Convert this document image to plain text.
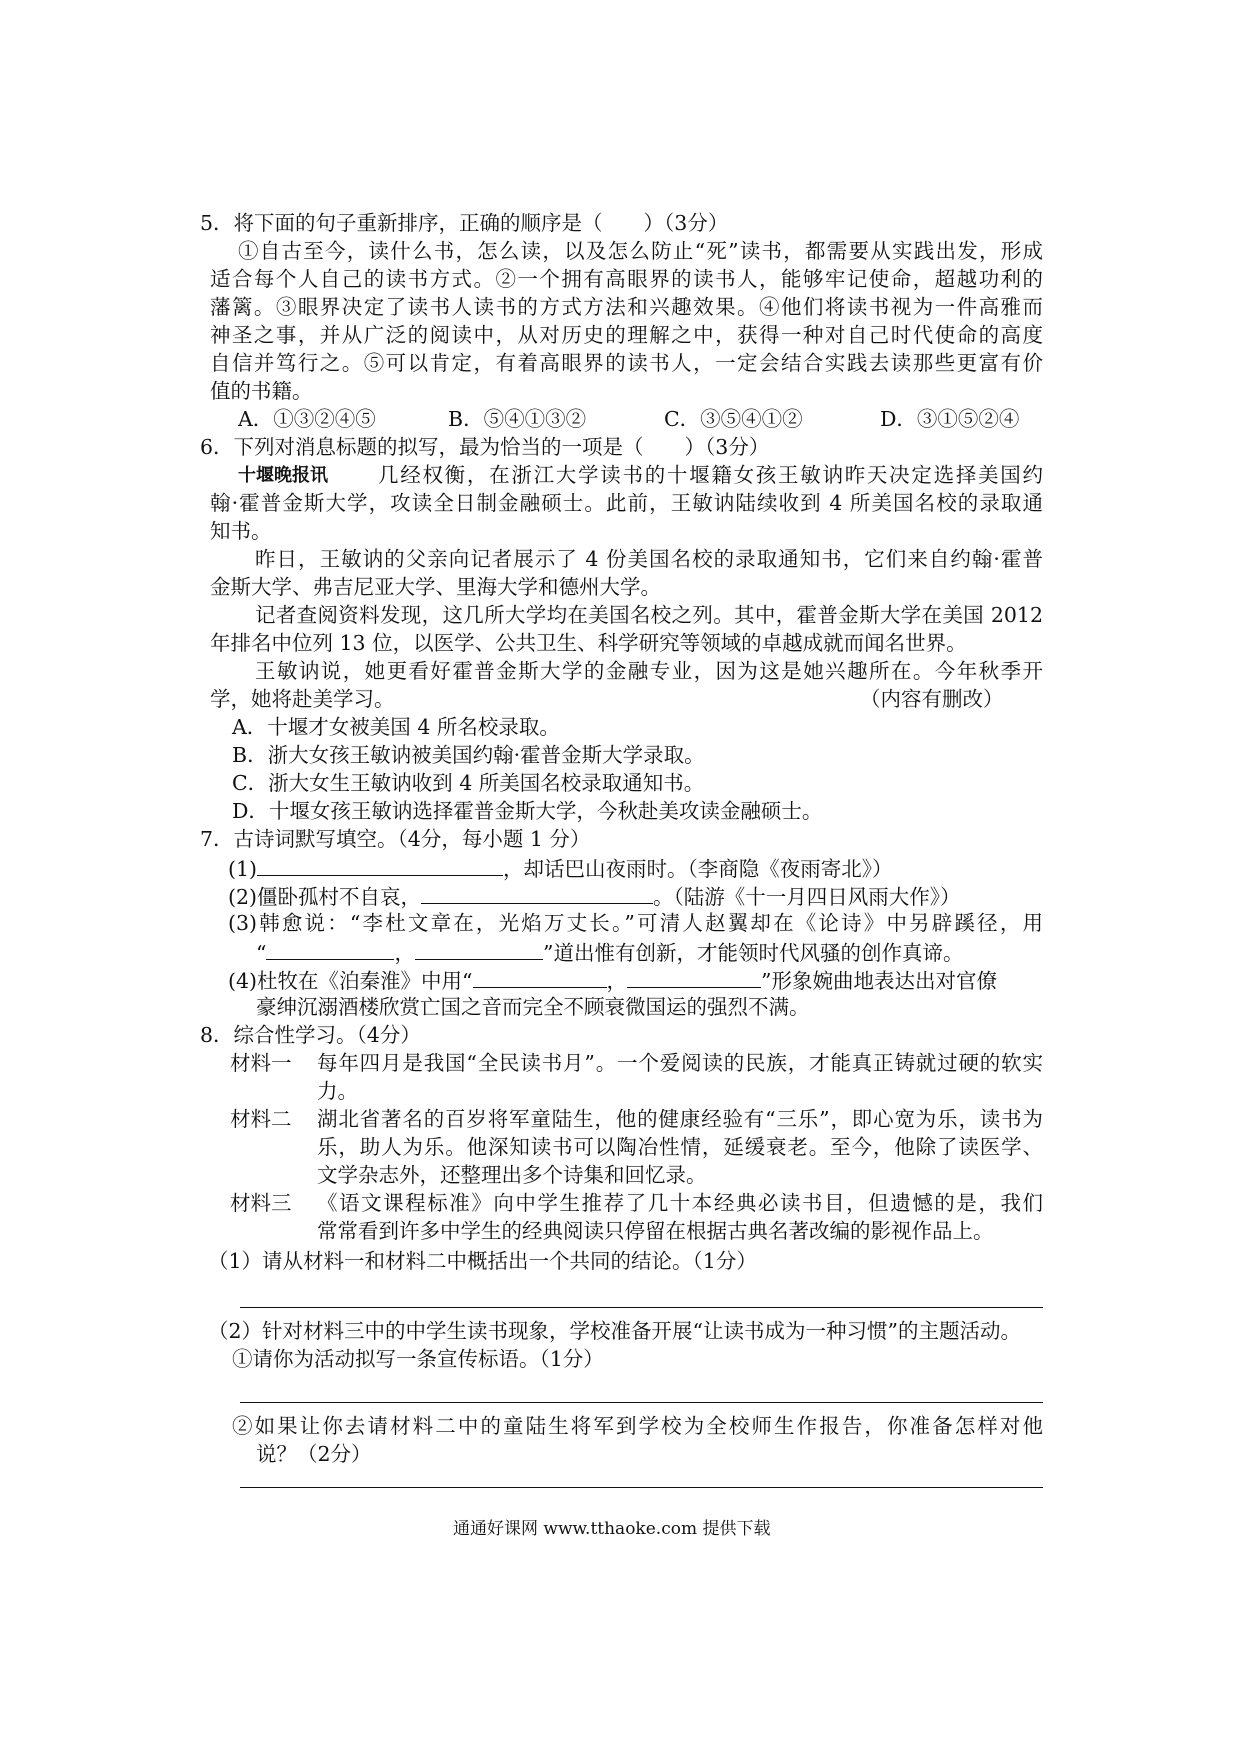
5．将下面的句子重新排序，正确的顺序是（　　）（3分）
①自古至今，读什么书，怎么读，以及怎么防止“死”读书，都需要从实践出发，形成
适合每个人自己的读书方式。②一个拥有高眼界的读书人，能够牢记使命，超越功利的
藩篱。③眼界决定了读书人读书的方式方法和兴趣效果。④他们将读书视为一件高雅而
神圣之事，并从广泛的阅读中，从对历史的理解之中，获得一种对自己时代使命的高度
自信并笃行之。⑤可以肯定，有着高眼界的读书人，一定会结合实践去读那些更富有价
值的书籍。
A．①③②④⑤	B．⑤④①③②	C．③⑤④①②	D．③①⑤②④
6．下列对消息标题的拟写，最为恰当的一项是（　　）（3分）
十堰晚报讯 几经权衡，在浙江大学读书的十堰籍女孩王敏讷昨天决定选择美国约
翰·霍普金斯大学，攻读全日制金融硕士。此前，王敏讷陆续收到 4 所美国名校的录取通
知书。
昨日，王敏讷的父亲向记者展示了 4 份美国名校的录取通知书，它们来自约翰·霍普
金斯大学、弗吉尼亚大学、里海大学和德州大学。
记者查阅资料发现，这几所大学均在美国名校之列。其中，霍普金斯大学在美国 2012
年排名中位列 13 位，以医学、公共卫生、科学研究等领域的卓越成就而闻名世界。
王敏讷说，她更看好霍普金斯大学的金融专业，因为这是她兴趣所在。今年秋季开
学，她将赴美学习。	（内容有删改）
A．十堰才女被美国 4 所名校录取。
B．浙大女孩王敏讷被美国约翰·霍普金斯大学录取。
C．浙大女生王敏讷收到 4 所美国名校录取通知书。
D．十堰女孩王敏讷选择霍普金斯大学，今秋赴美攻读金融硕士。
7．古诗词默写填空。（4分，每小题 1 分）
(1)	，却话巴山夜雨时。（李商隐《夜雨寄北》）
(2)僵卧孤村不自哀，	。（陆游《十一月四日风雨大作》）
(3)韩愈说：“李杜文章在，光焰万丈长。”可清人赵翼却在《论诗》中另辟蹊径，用
“	，	”道出惟有创新，才能领时代风骚的创作真谛。
(4)杜牧在《泊秦淮》中用“	，	”形象婉曲地表达出对官僚
豪绅沉溺酒楼欣赏亡国之音而完全不顾衰微国运的强烈不满。
8．综合性学习。（4分）
材料一 每年四月是我国“全民读书月”。一个爱阅读的民族，才能真正铸就过硬的软实
力。
材料二 湖北省著名的百岁将军童陆生，他的健康经验有“三乐”，即心宽为乐，读书为
乐，助人为乐。他深知读书可以陶冶性情，延缓衰老。至今，他除了读医学、
文学杂志外，还整理出多个诗集和回忆录。
材料三 《语文课程标准》向中学生推荐了几十本经典必读书目，但遗憾的是，我们
常常看到许多中学生的经典阅读只停留在根据古典名著改编的影视作品上。
（1）请从材料一和材料二中概括出一个共同的结论。（1分）
（2）针对材料三中的中学生读书现象，学校准备开展“让读书成为一种习惯”的主题活动。
①请你为活动拟写一条宣传标语。（1分）
②如果让你去请材料二中的童陆生将军到学校为全校师生作报告，你准备怎样对他
说？（2分）
通通好课网 www.tthaoke.com 提供下载
